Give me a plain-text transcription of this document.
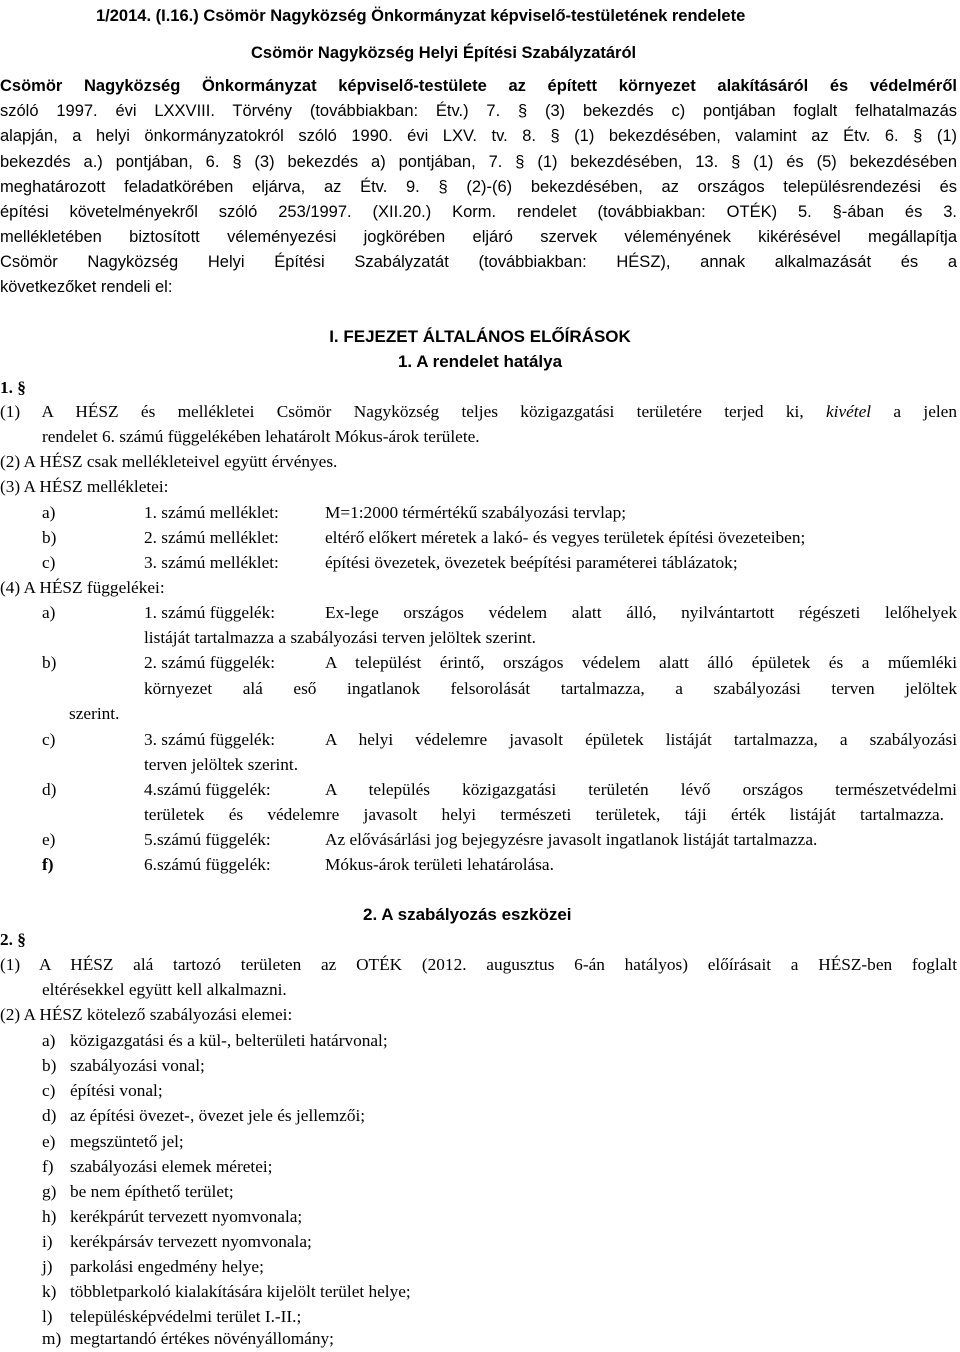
1/2014. (I.16.) Csömör Nagyközség Önkormányzat képviselő-testületének rendelete
Csömör Nagyközség Helyi Építési Szabályzatáról
Csömör Nagyközség Önkormányzat képviselő-testülete az épített környezet alakításáról és védelméről
szóló 1997. évi LXXVIII. Törvény (továbbiakban: Étv.) 7. § (3) bekezdés c) pontjában foglalt felhatalmazás
alapján, a helyi önkormányzatokról szóló 1990. évi LXV. tv. 8. § (1) bekezdésében, valamint az Étv. 6. § (1)
bekezdés a.) pontjában, 6. § (3) bekezdés a) pontjában, 7. § (1) bekezdésében, 13. § (1) és (5) bekezdésében
meghatározott feladatkörében eljárva, az Étv. 9. § (2)-(6) bekezdésében, az országos településrendezési és
építési követelményekről szóló 253/1997. (XII.20.) Korm. rendelet (továbbiakban: OTÉK) 5. §-ában és 3.
mellékletében biztosított véleményezési jogkörében eljáró szervek véleményének kikérésével megállapítja
Csömör Nagyközség Helyi Építési Szabályzatát (továbbiakban: HÉSZ), annak alkalmazását és a
következőket rendeli el:
I. FEJEZET ÁLTALÁNOS ELŐÍRÁSOK
1. A rendelet hatálya
1. §
(1) A HÉSZ és mellékletei Csömör Nagyközség teljes közigazgatási területére terjed ki, kivétel a jelen
rendelet 6. számú függelékében lehatárolt Mókus-árok területe.
(2) A HÉSZ csak mellékleteivel együtt érvényes.
(3) A HÉSZ mellékletei:
a)	1. számú melléklet:	M=1:2000 térmértékű szabályozási tervlap;
b)	2. számú melléklet:	eltérő előkert méretek a lakó- és vegyes területek építési övezeteiben;
c)	3. számú melléklet:	építési övezetek, övezetek beépítési paraméterei táblázatok;
(4) A HÉSZ függelékei:
a)	1. számú függelék:	Ex-lege országos védelem alatt álló, nyilvántartott régészeti lelőhelyek
listáját tartalmazza a szabályozási terven jelöltek szerint.
b)	2. számú függelék:	A települést érintő, országos védelem alatt álló épületek és a műemléki
környezet alá eső ingatlanok felsorolását tartalmazza, a szabályozási terven jelöltek
szerint.
c)	3. számú függelék:	A helyi védelemre javasolt épületek listáját tartalmazza, a szabályozási
terven jelöltek szerint.
d)	4.számú függelék:	A település közigazgatási területén lévő országos természetvédelmi
területek és védelemre javasolt helyi természeti területek, táji érték listáját tartalmazza.
e)	5.számú függelék:	Az elővásárlási jog bejegyzésre javasolt ingatlanok listáját tartalmazza.
f)	6.számú függelék:	Mókus-árok területi lehatárolása.
2. A szabályozás eszközei
2. §
(1) A HÉSZ alá tartozó területen az OTÉK (2012. augusztus 6-án hatályos) előírásait a HÉSZ-ben foglalt
eltérésekkel együtt kell alkalmazni.
(2) A HÉSZ kötelező szabályozási elemei:
a) közigazgatási és a kül-, belterületi határvonal;
b) szabályozási vonal;
c) építési vonal;
d) az építési övezet-, övezet jele és jellemzői;
e) megszüntető jel;
f) szabályozási elemek méretei;
g) be nem építhető terület;
h) kerékpárút tervezett nyomvonala;
i) kerékpársáv tervezett nyomvonala;
j) parkolási engedmény helye;
k) többletparkoló kialakítására kijelölt terület helye;
l) településképvédelmi terület I.-II.;
m) megtartandó értékes növényállomány;
